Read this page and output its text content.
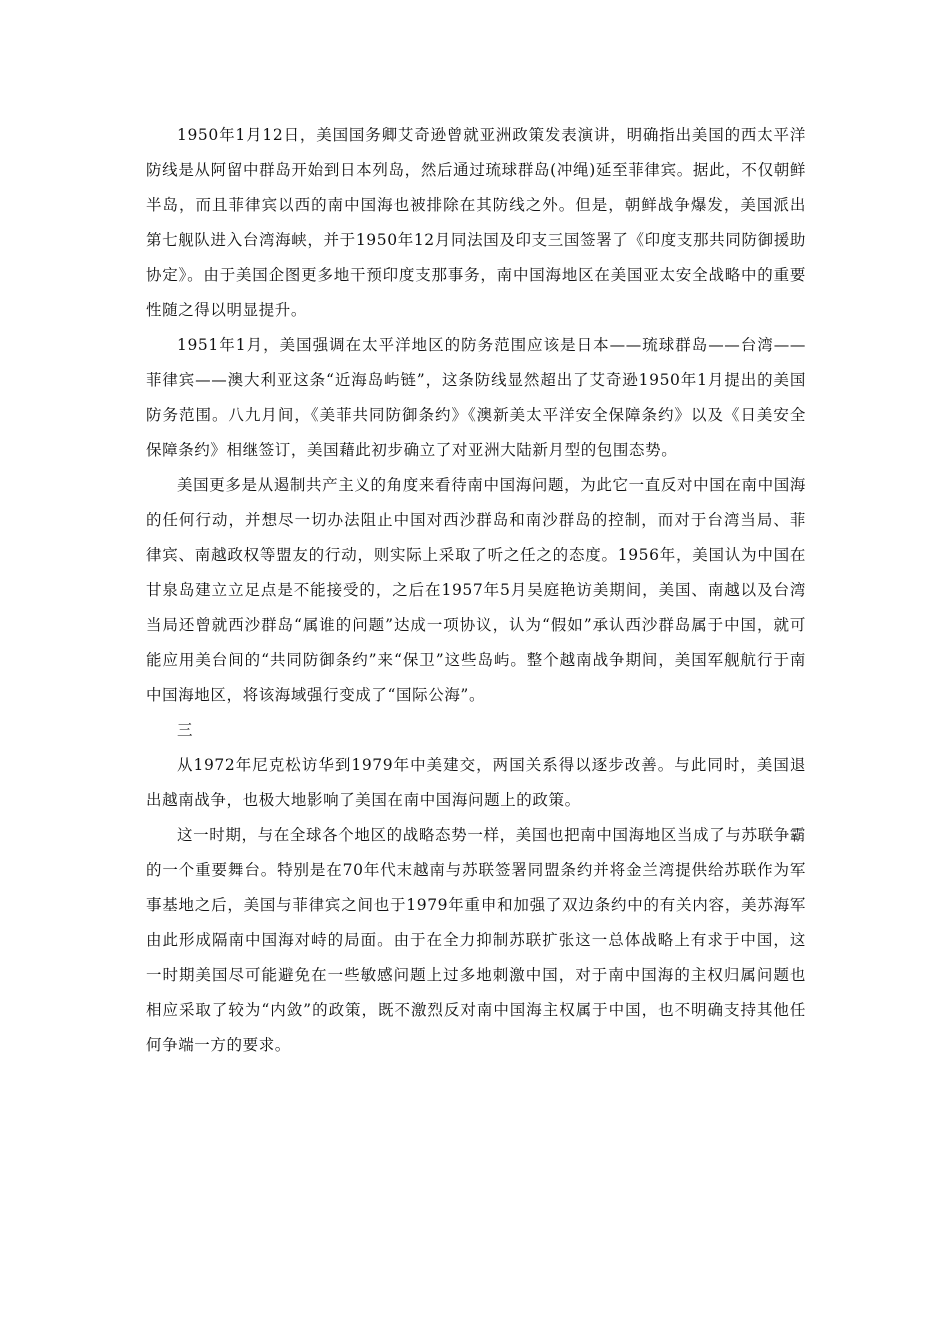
1950年1月12日，美国国务卿艾奇逊曾就亚洲政策发表演讲，明确指出美国的西太平洋防线是从阿留中群岛开始到日本列岛，然后通过琉球群岛(冲绳)延至菲律宾。据此，不仅朝鲜半岛，而且菲律宾以西的南中国海也被排除在其防线之外。但是，朝鲜战争爆发，美国派出第七舰队进入台湾海峡，并于1950年12月同法国及印支三国签署了《印度支那共同防御援助协定》。由于美国企图更多地干预印度支那事务，南中国海地区在美国亚太安全战略中的重要性随之得以明显提升。

1951年1月，美国强调在太平洋地区的防务范围应该是日本——琉球群岛——台湾——菲律宾——澳大利亚这条“近海岛屿链”，这条防线显然超出了艾奇逊1950年1月提出的美国防务范围。八九月间，《美菲共同防御条约》《澳新美太平洋安全保障条约》以及《日美安全保障条约》相继签订，美国藉此初步确立了对亚洲大陆新月型的包围态势。

美国更多是从遏制共产主义的角度来看待南中国海问题，为此它一直反对中国在南中国海的任何行动，并想尽一切办法阻止中国对西沙群岛和南沙群岛的控制，而对于台湾当局、菲律宾、南越政权等盟友的行动，则实际上采取了听之任之的态度。1956年，美国认为中国在甘泉岛建立立足点是不能接受的，之后在1957年5月吴庭艳访美期间，美国、南越以及台湾当局还曾就西沙群岛“属谁的问题”达成一项协议，认为“假如”承认西沙群岛属于中国，就可能应用美台间的“共同防御条约”来“保卫”这些岛屿。整个越南战争期间，美国军舰航行于南中国海地区，将该海域强行变成了“国际公海”。

三

从1972年尼克松访华到1979年中美建交，两国关系得以逐步改善。与此同时，美国退出越南战争，也极大地影响了美国在南中国海问题上的政策。

这一时期，与在全球各个地区的战略态势一样，美国也把南中国海地区当成了与苏联争霸的一个重要舞台。特别是在70年代末越南与苏联签署同盟条约并将金兰湾提供给苏联作为军事基地之后，美国与菲律宾之间也于1979年重申和加强了双边条约中的有关内容，美苏海军由此形成隔南中国海对峙的局面。由于在全力抑制苏联扩张这一总体战略上有求于中国，这一时期美国尽可能避免在一些敏感问题上过多地刺激中国，对于南中国海的主权归属问题也相应采取了较为“内敛”的政策，既不激烈反对南中国海主权属于中国，也不明确支持其他任何争端一方的要求。
